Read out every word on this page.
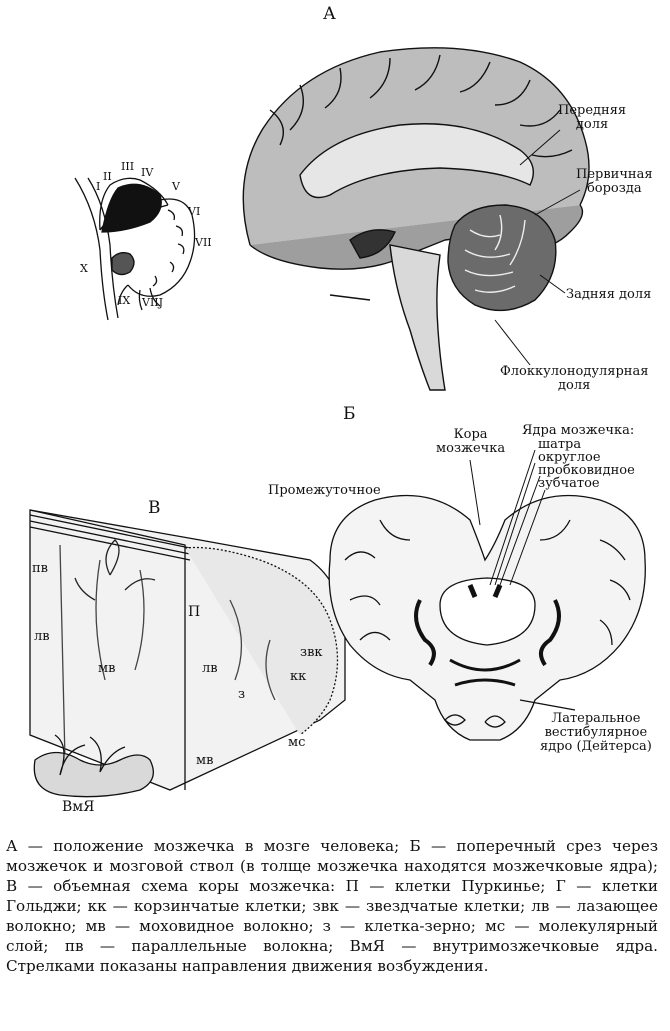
А
Б
В
Передняя
доля
Первичная
борозда
Задняя доля
Флоккулонодулярная
доля
I
II
III IV
V
VI
VII
VIIJ
IX
X
Кора
мозжечка
Промежуточное
Ядра мозжечка:
шатра
округлое
пробковидное
зубчатое
Латеральное
вестибулярное
ядро (Дейтерса)
пв
лв
мв
П
звк
кк
лв
з
мс
мв
ВмЯ
А — положение мозжечка в мозге человека; Б — поперечный срез через мозжечок и мозговой ствол (в толще мозжечка находятся мозжечковые ядра); В — объемная схема коры мозжечка: П — клетки Пуркинье; Г — клетки Гольджи; кк — корзинчатые клетки; звк — звездчатые клетки; лв — лазающее волокно; мв — моховидное волокно; з — клетка-зерно; мс — молекулярный слой; пв — параллельные волокна; ВмЯ — внутримозжечковые ядра. Стрелками показаны направления движения возбуждения.
